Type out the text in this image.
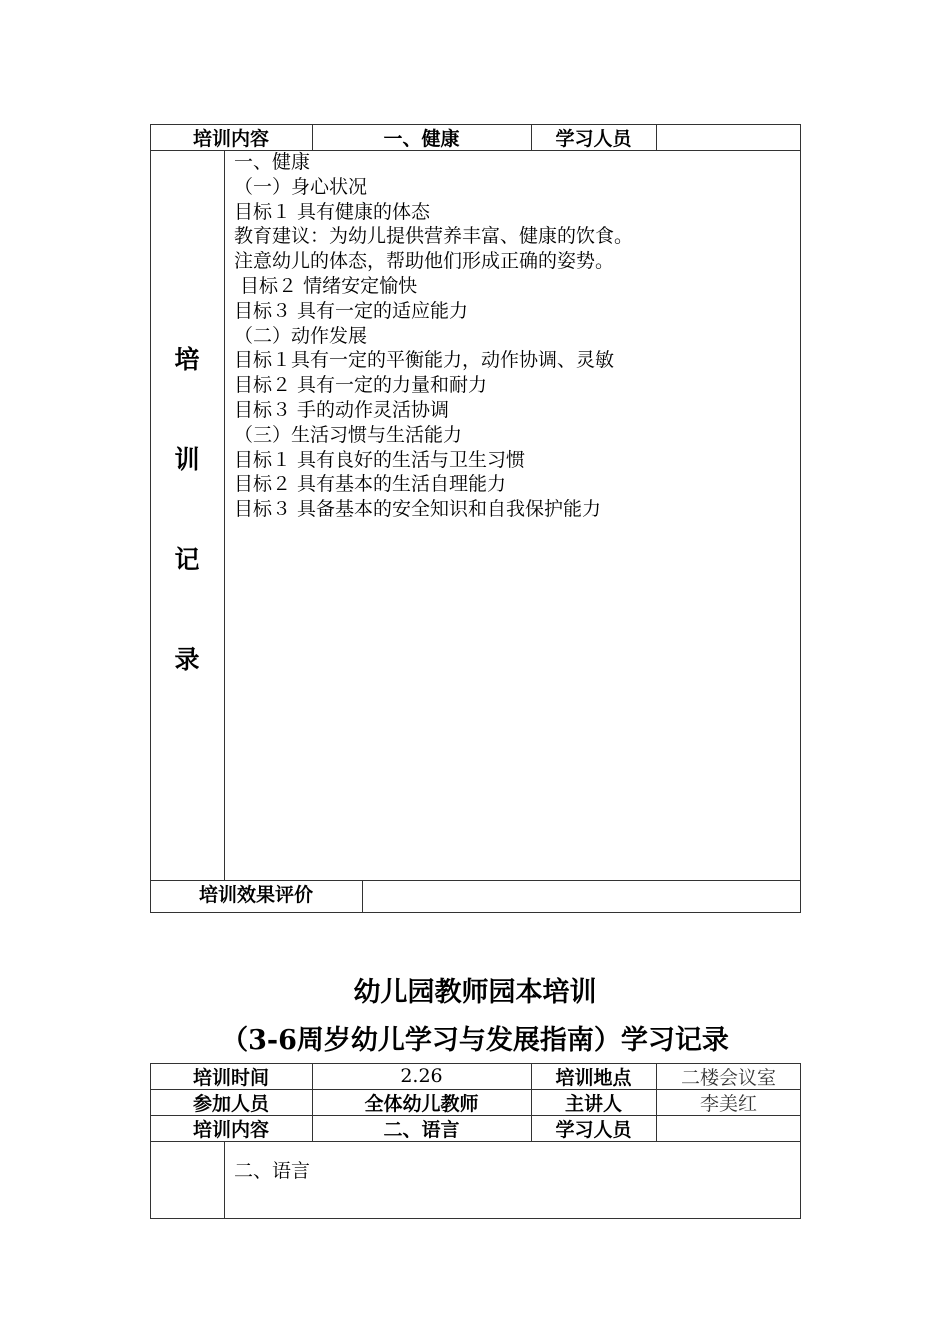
培训内容	一、健康	学习人员
培
训
记
录
一、健康
（一）身心状况
目标１ 具有健康的体态
教育建议：为幼儿提供营养丰富、健康的饮食。
注意幼儿的体态，帮助他们形成正确的姿势。
目标２ 情绪安定愉快
目标３ 具有一定的适应能力
（二）动作发展
目标１具有一定的平衡能力，动作协调、灵敏
目标２ 具有一定的力量和耐力
目标３ 手的动作灵活协调
（三）生活习惯与生活能力
目标１ 具有良好的生活与卫生习惯
目标２ 具有基本的生活自理能力
目标３ 具备基本的安全知识和自我保护能力
培训效果评价
幼儿园教师园本培训
（3-6周岁幼儿学习与发展指南）学习记录
培训时间	2.26	培训地点	二楼会议室
参加人员	全体幼儿教师	主讲人	李美红
培训内容	二、语言	学习人员
二、语言
